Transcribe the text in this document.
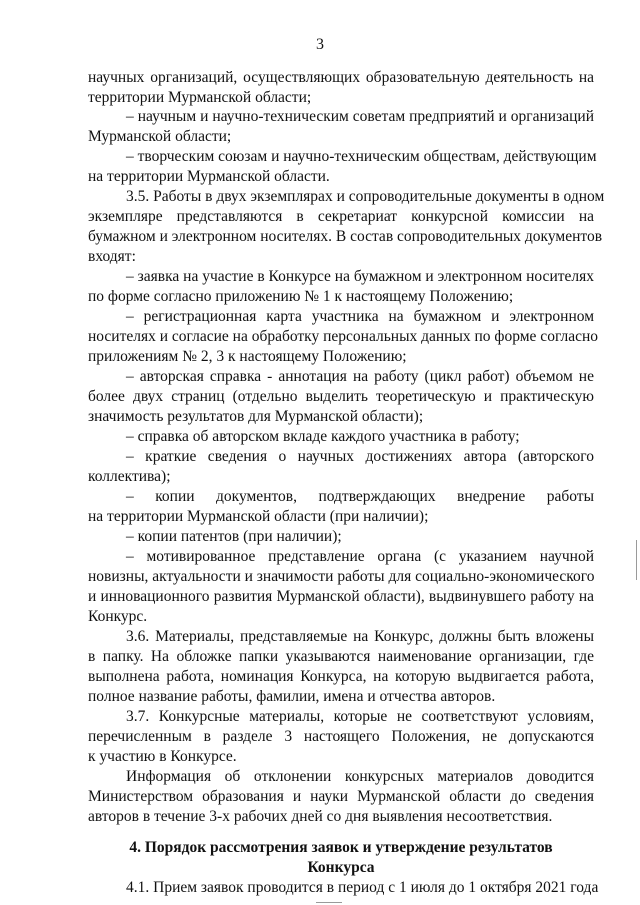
3
научных организаций, осуществляющих образовательную деятельность на
территории Мурманской области;
– научным и научно-техническим советам предприятий и организаций
Мурманской области;
– творческим союзам и научно-техническим обществам, действующим
на территории Мурманской области.
3.5. Работы в двух экземплярах и сопроводительные документы в одном
экземпляре представляются в секретариат конкурсной комиссии на
бумажном и электронном носителях. В состав сопроводительных документов
входят:
– заявка на участие в Конкурсе на бумажном и электронном носителях
по форме согласно приложению № 1 к настоящему Положению;
– регистрационная карта участника на бумажном и электронном
носителях и согласие на обработку персональных данных по форме согласно
приложениям № 2, 3 к настоящему Положению;
– авторская справка - аннотация на работу (цикл работ) объемом не
более двух страниц (отдельно выделить теоретическую и практическую
значимость результатов для Мурманской области);
– справка об авторском вкладе каждого участника в работу;
– краткие сведения о научных достижениях автора (авторского
коллектива);
– копии документов, подтверждающих внедрение работы
на территории Мурманской области (при наличии);
– копии патентов (при наличии);
– мотивированное представление органа (с указанием научной
новизны, актуальности и значимости работы для социально-экономического
и инновационного развития Мурманской области), выдвинувшего работу на
Конкурс.
3.6. Материалы, представляемые на Конкурс, должны быть вложены
в папку. На обложке папки указываются наименование организации, где
выполнена работа, номинация Конкурса, на которую выдвигается работа,
полное название работы, фамилии, имена и отчества авторов.
3.7. Конкурсные материалы, которые не соответствуют условиям,
перечисленным в разделе 3 настоящего Положения, не допускаются
к участию в Конкурсе.
Информация об отклонении конкурсных материалов доводится
Министерством образования и науки Мурманской области до сведения
авторов в течение 3-х рабочих дней со дня выявления несоответствия.
4. Порядок рассмотрения заявок и утверждение результатов
Конкурса
4.1. Прием заявок проводится в период с 1 июля до 1 октября 2021 года
